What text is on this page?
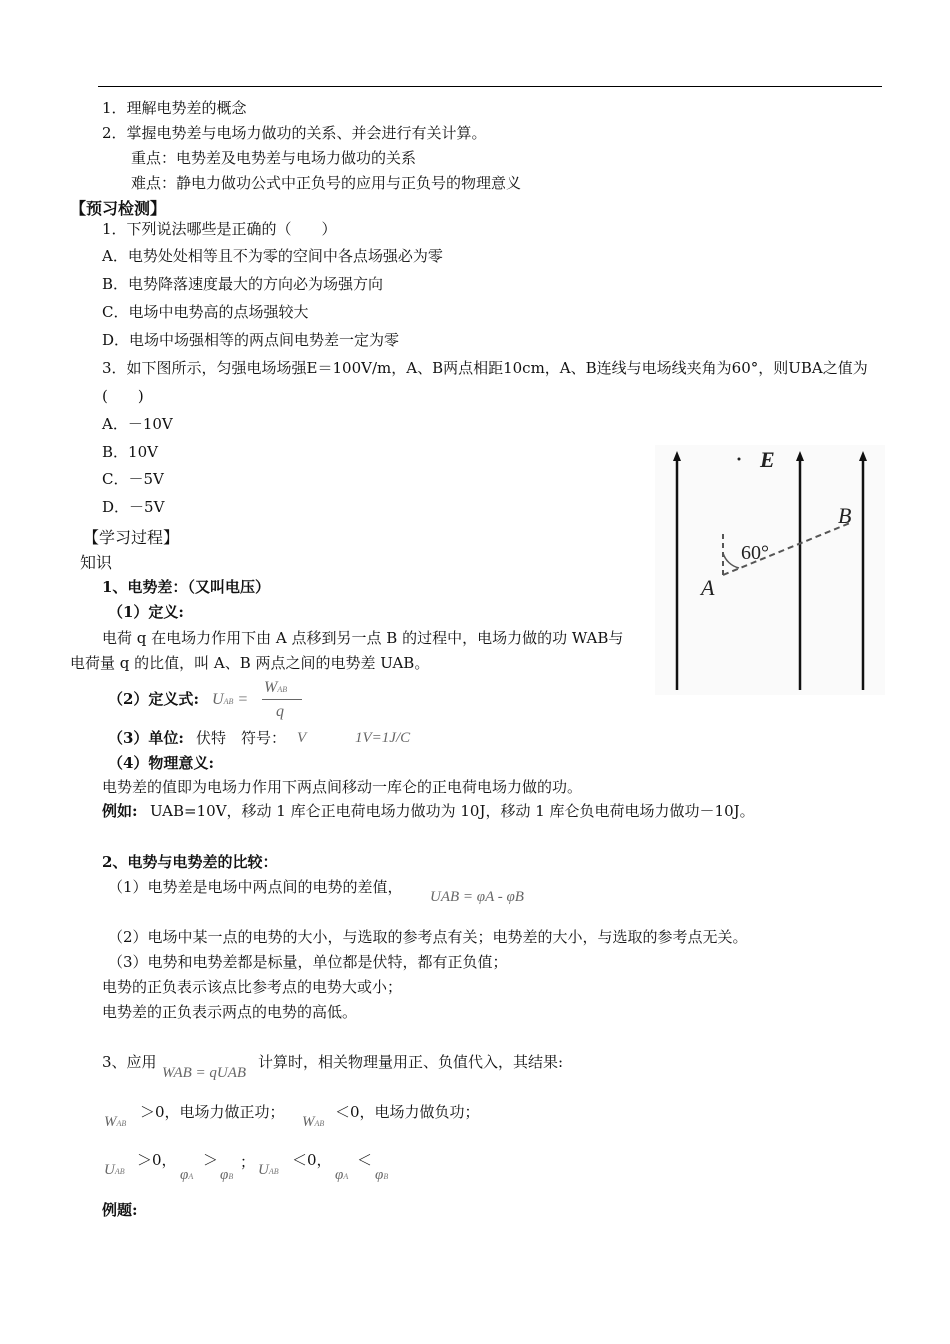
1．理解电势差的概念
2．掌握电势差与电场力做功的关系、并会进行有关计算。
重点：电势差及电势差与电场力做功的关系
难点：静电力做功公式中正负号的应用与正负号的物理意义
【预习检测】
1．下列说法哪些是正确的（　　）
A．电势处处相等且不为零的空间中各点场强必为零
B．电势降落速度最大的方向必为场强方向
C．电场中电势高的点场强较大
D．电场中场强相等的两点间电势差一定为零
3．如下图所示，匀强电场场强E＝100V/m，A、B两点相距10cm，A、B连线与电场线夹角为60°，则UBA之值为
(　　)
A．－10V
B．10V
C．－5V
D．－5V
E
A
B
60°
【学习过程】
知识
1、电势差：（又叫电压）
（1）定义:
电荷 q 在电场力作用下由 A 点移到另一点 B 的过程中，电场力做的功 WAB与
电荷量 q 的比值，叫 A、B 两点之间的电势差 UAB。
（2）定义式: UAB =
WAB
q
（3）单位: 伏特　符号： V	1V=1J/C
（4）物理意义:
电势差的值即为电场力作用下两点间移动一库仑的正电荷电场力做的功。
例如: UAB=10V，移动 1 库仑正电荷电场力做功为 10J，移动 1 库仑负电荷电场力做功－10J。
2、电势与电势差的比较：
（1）电势差是电场中两点间的电势的差值，
UAB = φA - φB
（2）电场中某一点的电势的大小，与选取的参考点有关；电势差的大小，与选取的参考点无关。
（3）电势和电势差都是标量，单位都是伏特，都有正负值；
电势的正负表示该点比参考点的电势大或小；
电势差的正负表示两点的电势的高低。
3、应用
WAB = qUAB
计算时，相关物理量用正、负值代入，其结果:
WAB
＞0，电场力做正功；
WAB
＜0，电场力做负功；
UAB
＞0，
φA
＞
φB
； UAB
＜0，
φA
＜
φB
例题:
